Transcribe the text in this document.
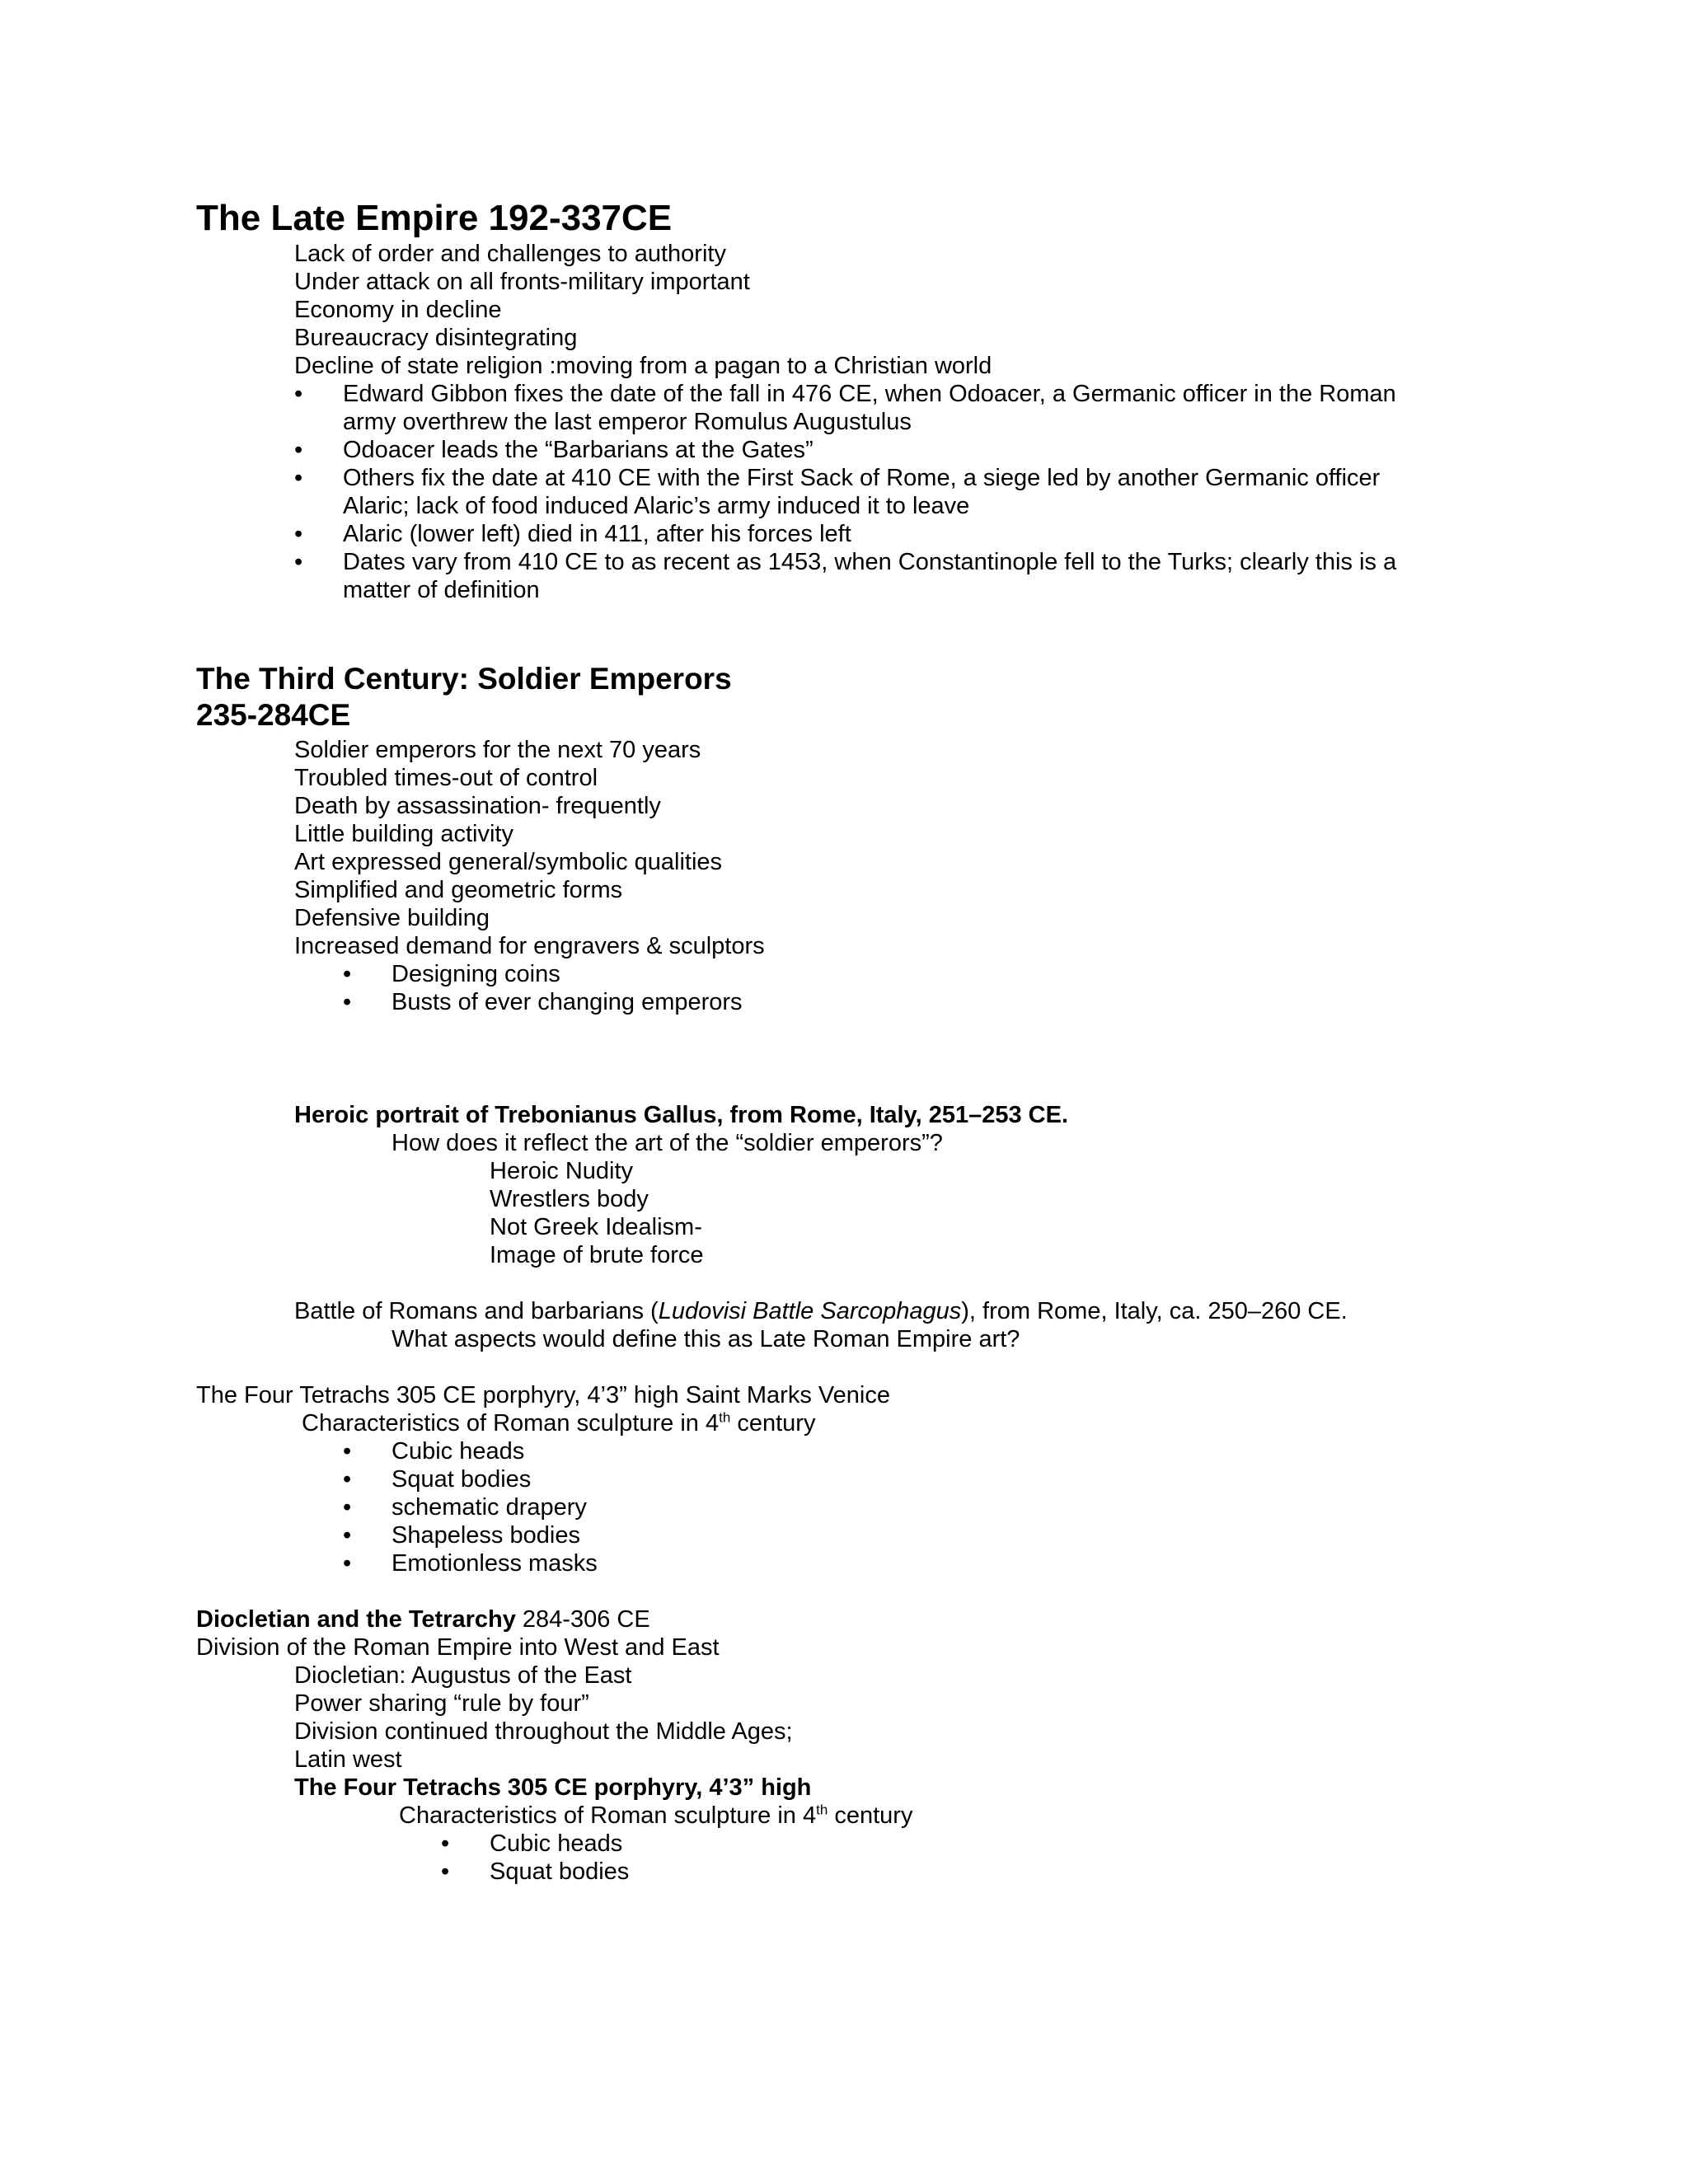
The Late Empire 192-337CE
Lack of order and challenges to authority
Under attack on all fronts-military important
Economy in decline
Bureaucracy disintegrating
Decline of state religion :moving from a pagan to a Christian world
• Edward Gibbon fixes the date of the fall in 476 CE, when Odoacer, a Germanic officer in the Roman
army overthrew the last emperor Romulus Augustulus
• Odoacer leads the “Barbarians at the Gates”
• Others fix the date at 410 CE with the First Sack of Rome, a siege led by another Germanic officer
Alaric; lack of food induced Alaric’s army induced it to leave
• Alaric (lower left) died in 411, after his forces left
• Dates vary from 410 CE to as recent as 1453, when Constantinople fell to the Turks; clearly this is a
matter of definition
The Third Century: Soldier Emperors
235-284CE
Soldier emperors for the next 70 years
Troubled times-out of control
Death by assassination- frequently
Little building activity
Art expressed general/symbolic qualities
Simplified and geometric forms
Defensive building
Increased demand for engravers & sculptors
• Designing coins
• Busts of ever changing emperors
Heroic portrait of Trebonianus Gallus, from Rome, Italy, 251–253 CE.
How does it reflect the art of the “soldier emperors”?
Heroic Nudity
Wrestlers body
Not Greek Idealism-
Image of brute force
Battle of Romans and barbarians (Ludovisi Battle Sarcophagus), from Rome, Italy, ca. 250–260 CE.
What aspects would define this as Late Roman Empire art?
The Four Tetrachs 305 CE porphyry, 4’3” high Saint Marks Venice
Characteristics of Roman sculpture in 4th century
• Cubic heads
• Squat bodies
• schematic drapery
• Shapeless bodies
• Emotionless masks
Diocletian and the Tetrarchy 284-306 CE
Division of the Roman Empire into West and East
Diocletian: Augustus of the East
Power sharing “rule by four”
Division continued throughout the Middle Ages;
Latin west
The Four Tetrachs 305 CE porphyry, 4’3” high
Characteristics of Roman sculpture in 4th century
• Cubic heads
• Squat bodies
